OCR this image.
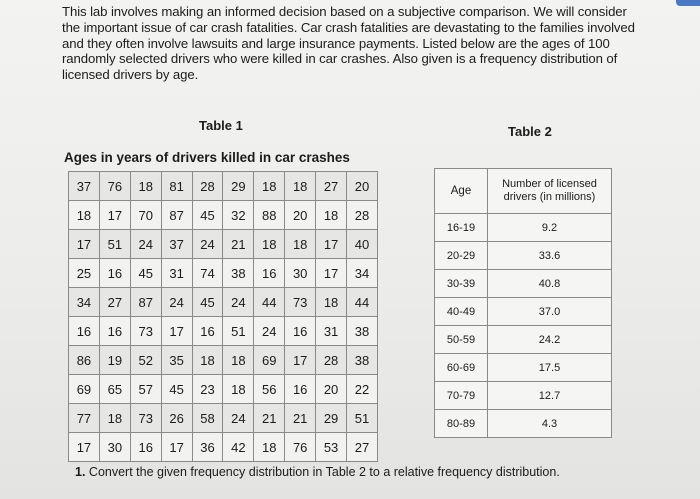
This lab involves making an informed decision based on a subjective comparison. We will consider

the important issue of car crash fatalities. Car crash fatalities are devastating to the families involved

and they often involve lawsuits and large insurance payments. Listed below are the ages of 100

randomly selected drivers who were killed in car crashes. Also given is a frequency distribution of

licensed drivers by age.

Table 1	Table 2
Ages in years of drivers killed in car crashes
37	76	18	81	28	29	18	18	27	20
18	17	70	87	45	32	88	20	18	28
17	51	24	37	24	21	18	18	17	40
25	16	45	31	74	38	16	30	17	34
34	27	87	24	45	24	44	73	18	44
16	16	73	17	16	51	24	16	31	38
86	19	52	35	18	18	69	17	28	38
69	65	57	45	23	18	56	16	20	22
77	18	73	26	58	24	21	21	29	51
17	30	16	17	36	42	18	76	53	27
Age	Number of licensed drivers (in millions)
16-19	9.2
20-29	33.6
30-39	40.8
40-49	37.0
50-59	24.2
60-69	17.5
70-79	12.7
80-89	4.3
1. Convert the given frequency distribution in Table 2 to a relative frequency distribution.
